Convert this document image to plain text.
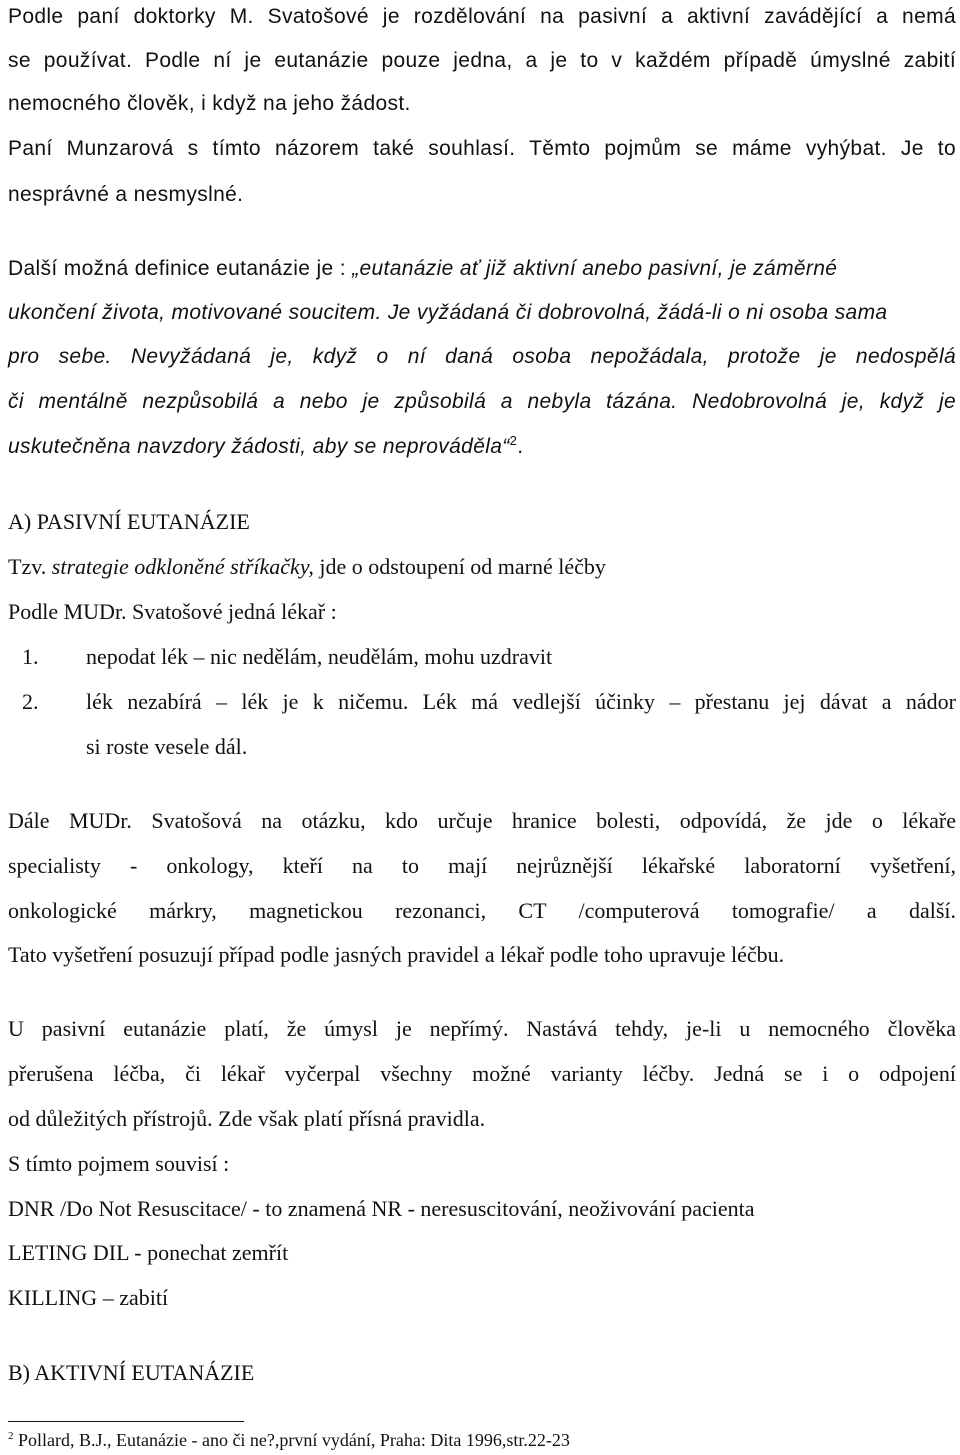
Podle paní doktorky M. Svatošové je rozdělování na pasivní a aktivní zavádějící a nemá
se používat. Podle ní je eutanázie pouze jedna, a je to v každém případě úmyslné zabití
nemocného člověk, i když na jeho žádost.
Paní Munzarová s tímto názorem také souhlasí. Těmto pojmům se máme vyhýbat. Je to
nesprávné a nesmyslné.
Další možná definice eutanázie je : „eutanázie ať již aktivní anebo pasivní, je záměrné
ukončení života, motivované soucitem. Je vyžádaná či dobrovolná, žádá-li o ni osoba sama
pro sebe. Nevyžádaná je, když o ní daná osoba nepožádala, protože je nedospělá
či mentálně nezpůsobilá a nebo je způsobilá a nebyla tázána. Nedobrovolná je, když je
uskutečněna navzdory žádosti, aby se neprováděla“$^2$.
A) PASIVNÍ EUTANÁZIE
Tzv. strategie odkloněné stříkačky, jde o odstoupení od marné léčby
Podle MUDr. Svatošové jedná lékař :
1. nepodat lék – nic nedělám, neudělám, mohu uzdravit
2. lék nezabírá – lék je k ničemu. Lék má vedlejší účinky – přestanu jej dávat a nádor
si roste vesele dál.
Dále MUDr. Svatošová na otázku, kdo určuje hranice bolesti, odpovídá, že jde o lékaře
specialisty - onkology, kteří na to mají nejrůznější lékařské laboratorní vyšetření,
onkologické márkry, magnetickou rezonanci, CT /computerová tomografie/ a další.
Tato vyšetření posuzují případ podle jasných pravidel a lékař podle toho upravuje léčbu.
U pasivní eutanázie platí, že úmysl je nepřímý. Nastává tehdy, je-li u nemocného člověka
přerušena léčba, či lékař vyčerpal všechny možné varianty léčby. Jedná se i o odpojení
od důležitých přístrojů. Zde však platí přísná pravidla.
S tímto pojmem souvisí :
DNR /Do Not Resuscitace/ - to znamená NR - neresuscitování, neoživování pacienta
LETING DIL - ponechat zemřít
KILLING – zabití
B) AKTIVNÍ EUTANÁZIE
$^2$ Pollard, B.J., Eutanázie - ano či ne?,první vydání, Praha: Dita 1996,str.22-23
